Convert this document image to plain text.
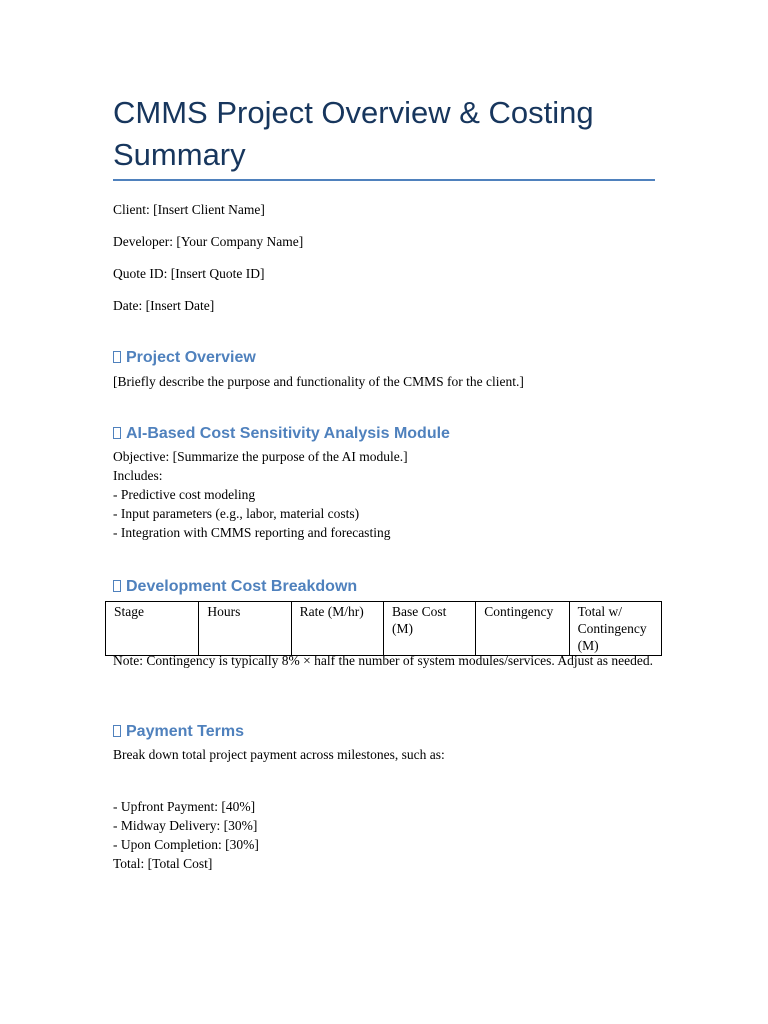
CMMS Project Overview & Costing Summary

Client: [Insert Client Name]

Developer: [Your Company Name]

Quote ID: [Insert Quote ID]

Date: [Insert Date]

Project Overview

[Briefly describe the purpose and functionality of the CMMS for the client.]

AI-Based Cost Sensitivity Analysis Module
Objective: [Summarize the purpose of the AI module.]
Includes:
- Predictive cost modeling
- Input parameters (e.g., labor, material costs)
- Integration with CMMS reporting and forecasting
Development Cost Breakdown
Stage	Hours	Rate (M/hr)	Base Cost (M)	Contingency	Total w/ Contingency (M)

Note: Contingency is typically 8% × half the number of system modules/services. Adjust as needed.

Payment Terms

Break down total project payment across milestones, such as:

- Upfront Payment: [40%]
- Midway Delivery: [30%]
- Upon Completion: [30%]
Total: [Total Cost]
